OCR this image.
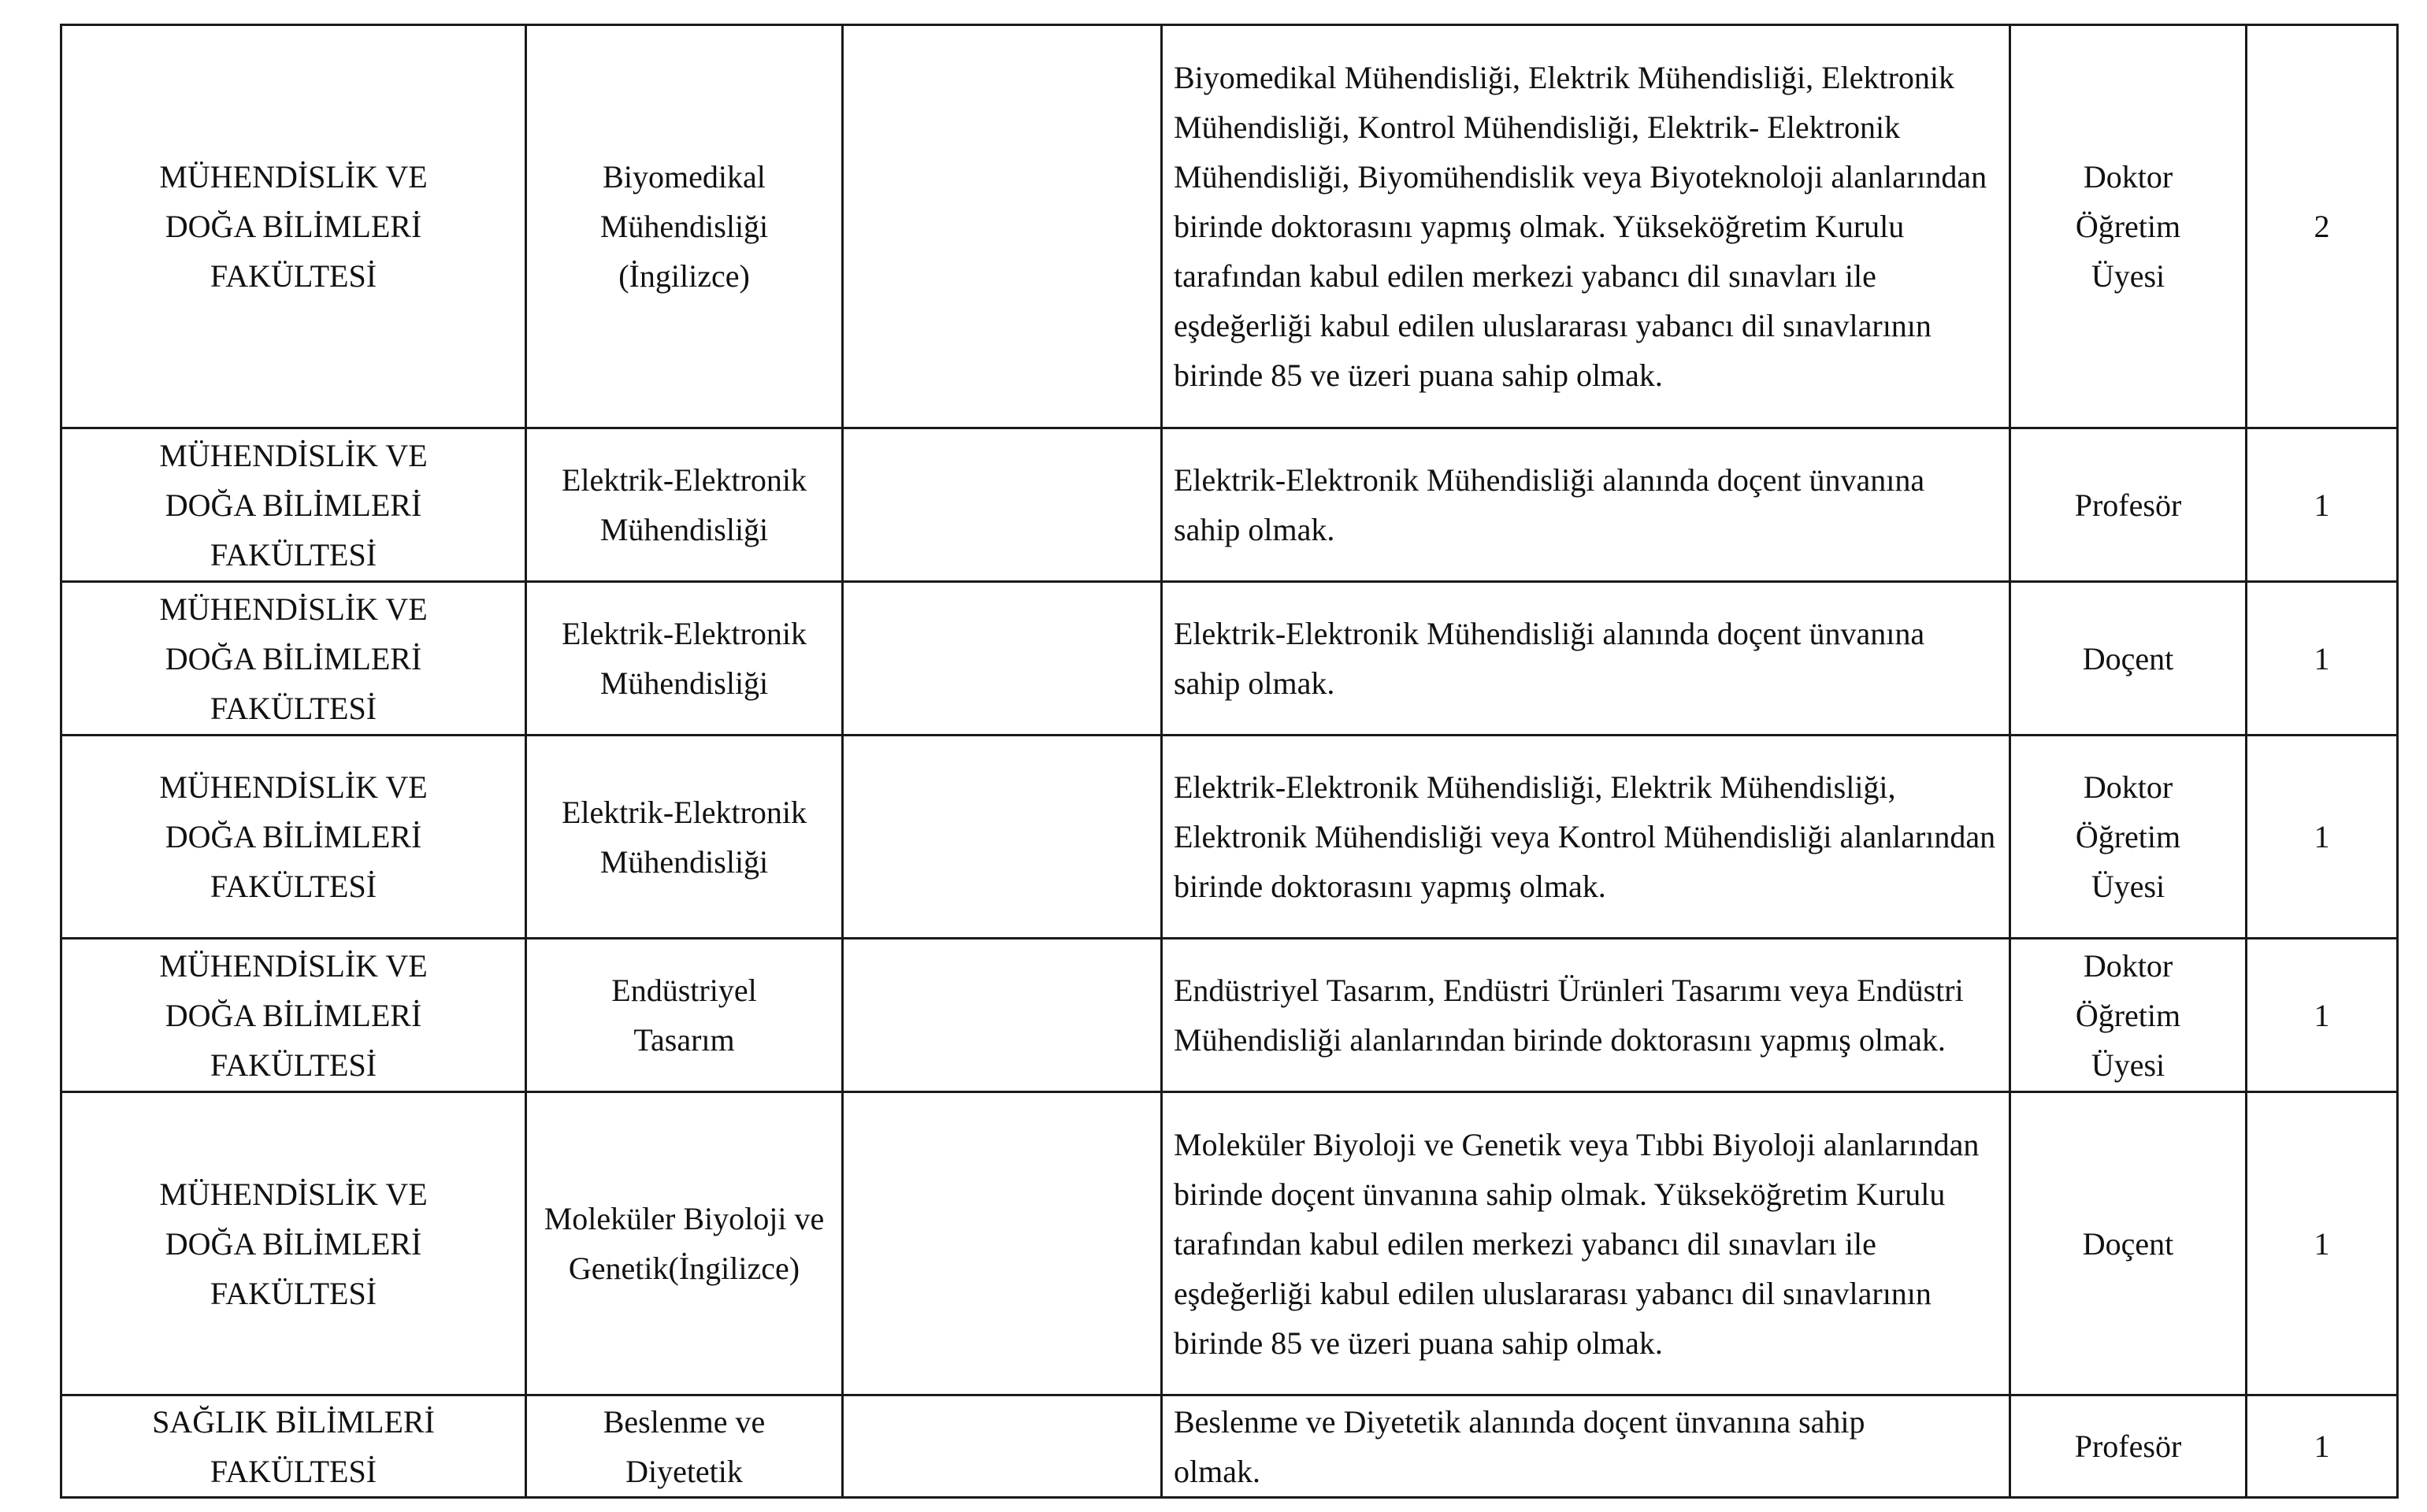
MÜHENDİSLİK VE DOĞA BİLİMLERİ FAKÜLTESİ	Biyomedikal Mühendisliği (İngilizce)		Biyomedikal Mühendisliği, Elektrik Mühendisliği, Elektronik Mühendisliği, Kontrol Mühendisliği, Elektrik- Elektronik Mühendisliği, Biyomühendislik veya Biyoteknoloji alanlarından birinde doktorasını yapmış olmak. Yükseköğretim Kurulu tarafından kabul edilen merkezi yabancı dil sınavları ile eşdeğerliği kabul edilen uluslararası yabancı dil sınavlarının birinde 85 ve üzeri puana sahip olmak.	Doktor Öğretim Üyesi	2

MÜHENDİSLİK VE DOĞA BİLİMLERİ FAKÜLTESİ	Elektrik-Elektronik Mühendisliği		Elektrik-Elektronik Mühendisliği alanında doçent ünvanına sahip olmak.	Profesör	1

MÜHENDİSLİK VE DOĞA BİLİMLERİ FAKÜLTESİ	Elektrik-Elektronik Mühendisliği		Elektrik-Elektronik Mühendisliği alanında doçent ünvanına sahip olmak.	Doçent	1

MÜHENDİSLİK VE DOĞA BİLİMLERİ FAKÜLTESİ	Elektrik-Elektronik Mühendisliği		Elektrik-Elektronik Mühendisliği, Elektrik Mühendisliği, Elektronik Mühendisliği veya Kontrol Mühendisliği alanlarından birinde doktorasını yapmış olmak.	Doktor Öğretim Üyesi	1

MÜHENDİSLİK VE DOĞA BİLİMLERİ FAKÜLTESİ	Endüstriyel Tasarım		Endüstriyel Tasarım, Endüstri Ürünleri Tasarımı veya Endüstri Mühendisliği alanlarından birinde doktorasını yapmış olmak.	Doktor Öğretim Üyesi	1

MÜHENDİSLİK VE DOĞA BİLİMLERİ FAKÜLTESİ	Moleküler Biyoloji ve Genetik(İngilizce)		Moleküler Biyoloji ve Genetik veya Tıbbi Biyoloji alanlarından birinde doçent ünvanına sahip olmak. Yükseköğretim Kurulu tarafından kabul edilen merkezi yabancı dil sınavları ile eşdeğerliği kabul edilen uluslararası yabancı dil sınavlarının birinde 85 ve üzeri puana sahip olmak.	Doçent	1

SAĞLIK BİLİMLERİ FAKÜLTESİ	Beslenme ve Diyetetik		Beslenme ve Diyetetik alanında doçent ünvanına sahip olmak.	Profesör	1
